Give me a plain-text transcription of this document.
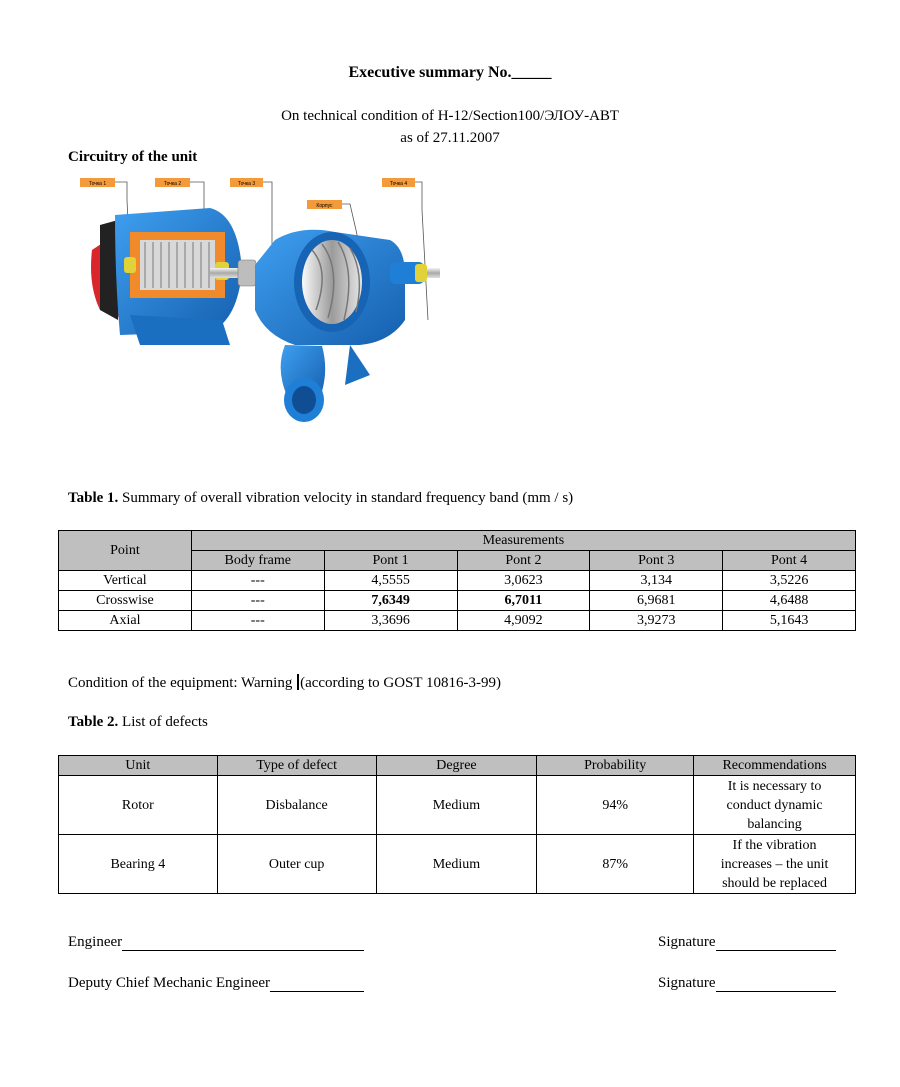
Executive summary No._____
On technical condition of H-12/Section100/ЭЛОУ-АВТ
as of 27.11.2007
Circuitry of the unit
Точка 1	Точка 2	Точка 3
Корпус
Точка 4
Table 1. Summary of overall vibration velocity in standard frequency band (mm / s)
Point	Measurements				
	Body frame	Pont 1	Pont 2	Pont 3	Pont 4
Vertical	---	4,5555	3,0623	3,134	3,5226
Crosswise	---	7,6349	6,7011	6,9681	4,6488
Axial	---	3,3696	4,9092	3,9273	5,1643
Condition of the equipment: Warning (according to GOST 10816-3-99)
Table 2. List of defects
Unit	Type of defect	Degree	Probability	Recommendations
Rotor	Disbalance	Medium	94%	It is necessary to
conduct dynamic
balancing

Bearing 4	Outer cup	Medium	87%	If the vibration
increases – the unit
should be replaced
Engineer	Signature
Deputy Chief Mechanic Engineer	Signature
